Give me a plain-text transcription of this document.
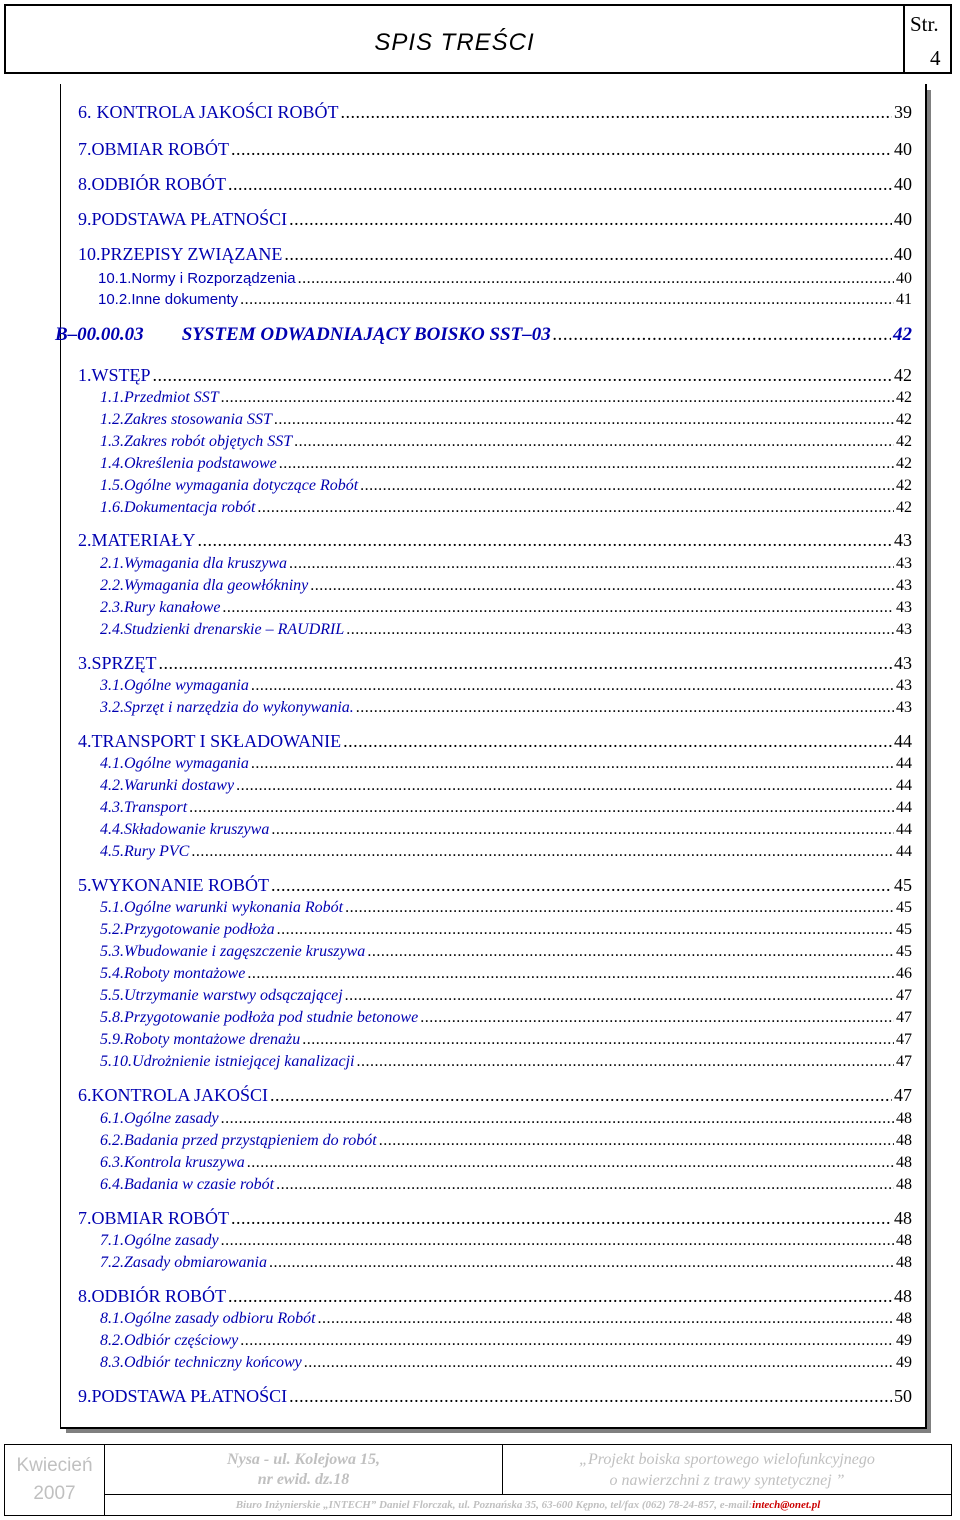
SPIS TREŚCI
Str.
4
6. KONTROLA JAKOŚCI ROBÓT .....	39
7. OBMIAR ROBÓT .....	40
8. ODBIÓR ROBÓT .....	40
9. PODSTAWA PŁATNOŚCI .....	40
10. PRZEPISY ZWIĄZANE .....	40
10.1. Normy i Rozporządzenia .....	40
10.2. Inne dokumenty .....	41
B–00.00.03 SYSTEM ODWADNIAJĄCY BOISKO SST–03 .....	42
1. WSTĘP .....	42
1.1. Przedmiot SST .....	42
1.2. Zakres stosowania SST .....	42
1.3. Zakres robót objętych SST .....	42
1.4. Określenia podstawowe .....	42
1.5. Ogólne wymagania dotyczące Robót .....	42
1.6. Dokumentacja robót .....	42
2. MATERIAŁY .....	43
2.1. Wymagania dla kruszywa .....	43
2.2. Wymagania dla geowłókniny .....	43
2.3. Rury kanałowe .....	43
2.4. Studzienki drenarskie – RAUDRIL .....	43
3. SPRZĘT .....	43
3.1. Ogólne wymagania .....	43
3.2. Sprzęt i narzędzia do wykonywania. .....	43
4. TRANSPORT I SKŁADOWANIE .....	44
4.1. Ogólne wymagania .....	44
4.2. Warunki dostawy .....	44
4.3. Transport .....	44
4.4. Składowanie kruszywa .....	44
4.5. Rury PVC .....	44
5. WYKONANIE ROBÓT .....	45
5.1. Ogólne warunki wykonania Robót .....	45
5.2. Przygotowanie podłoża .....	45
5.3. Wbudowanie i zagęszczenie kruszywa .....	45
5.4. Roboty montażowe .....	46
5.5. Utrzymanie warstwy odsączającej .....	47
5.8. Przygotowanie podłoża pod studnie betonowe .....	47
5.9. Roboty montażowe drenażu .....	47
5.10. Udrożnienie istniejącej kanalizacji .....	47
6. KONTROLA JAKOŚCI .....	47
6.1. Ogólne zasady .....	48
6.2. Badania przed przystąpieniem do robót .....	48
6.3. Kontrola kruszywa .....	48
6.4. Badania w czasie robót .....	48
7. OBMIAR ROBÓT .....	48
7.1. Ogólne zasady .....	48
7.2. Zasady obmiarowania .....	48
8. ODBIÓR ROBÓT .....	48
8.1. Ogólne zasady odbioru Robót .....	48
8.2. Odbiór częściowy .....	49
8.3. Odbiór techniczny końcowy .....	49
9. PODSTAWA PŁATNOŚCI .....	50
Kwiecień
2007
Nysa - ul. Kolejowa 15,
nr ewid. dz.18
„Projekt boiska sportowego wielofunkcyjnego
o nawierzchni z trawy syntetycznej ”
Biuro Inżynierskie „INTECH” Daniel Florczak, ul. Poznańska 35, 63-600 Kępno, tel/fax (062) 78-24-857, e-mail: intech@onet.pl
